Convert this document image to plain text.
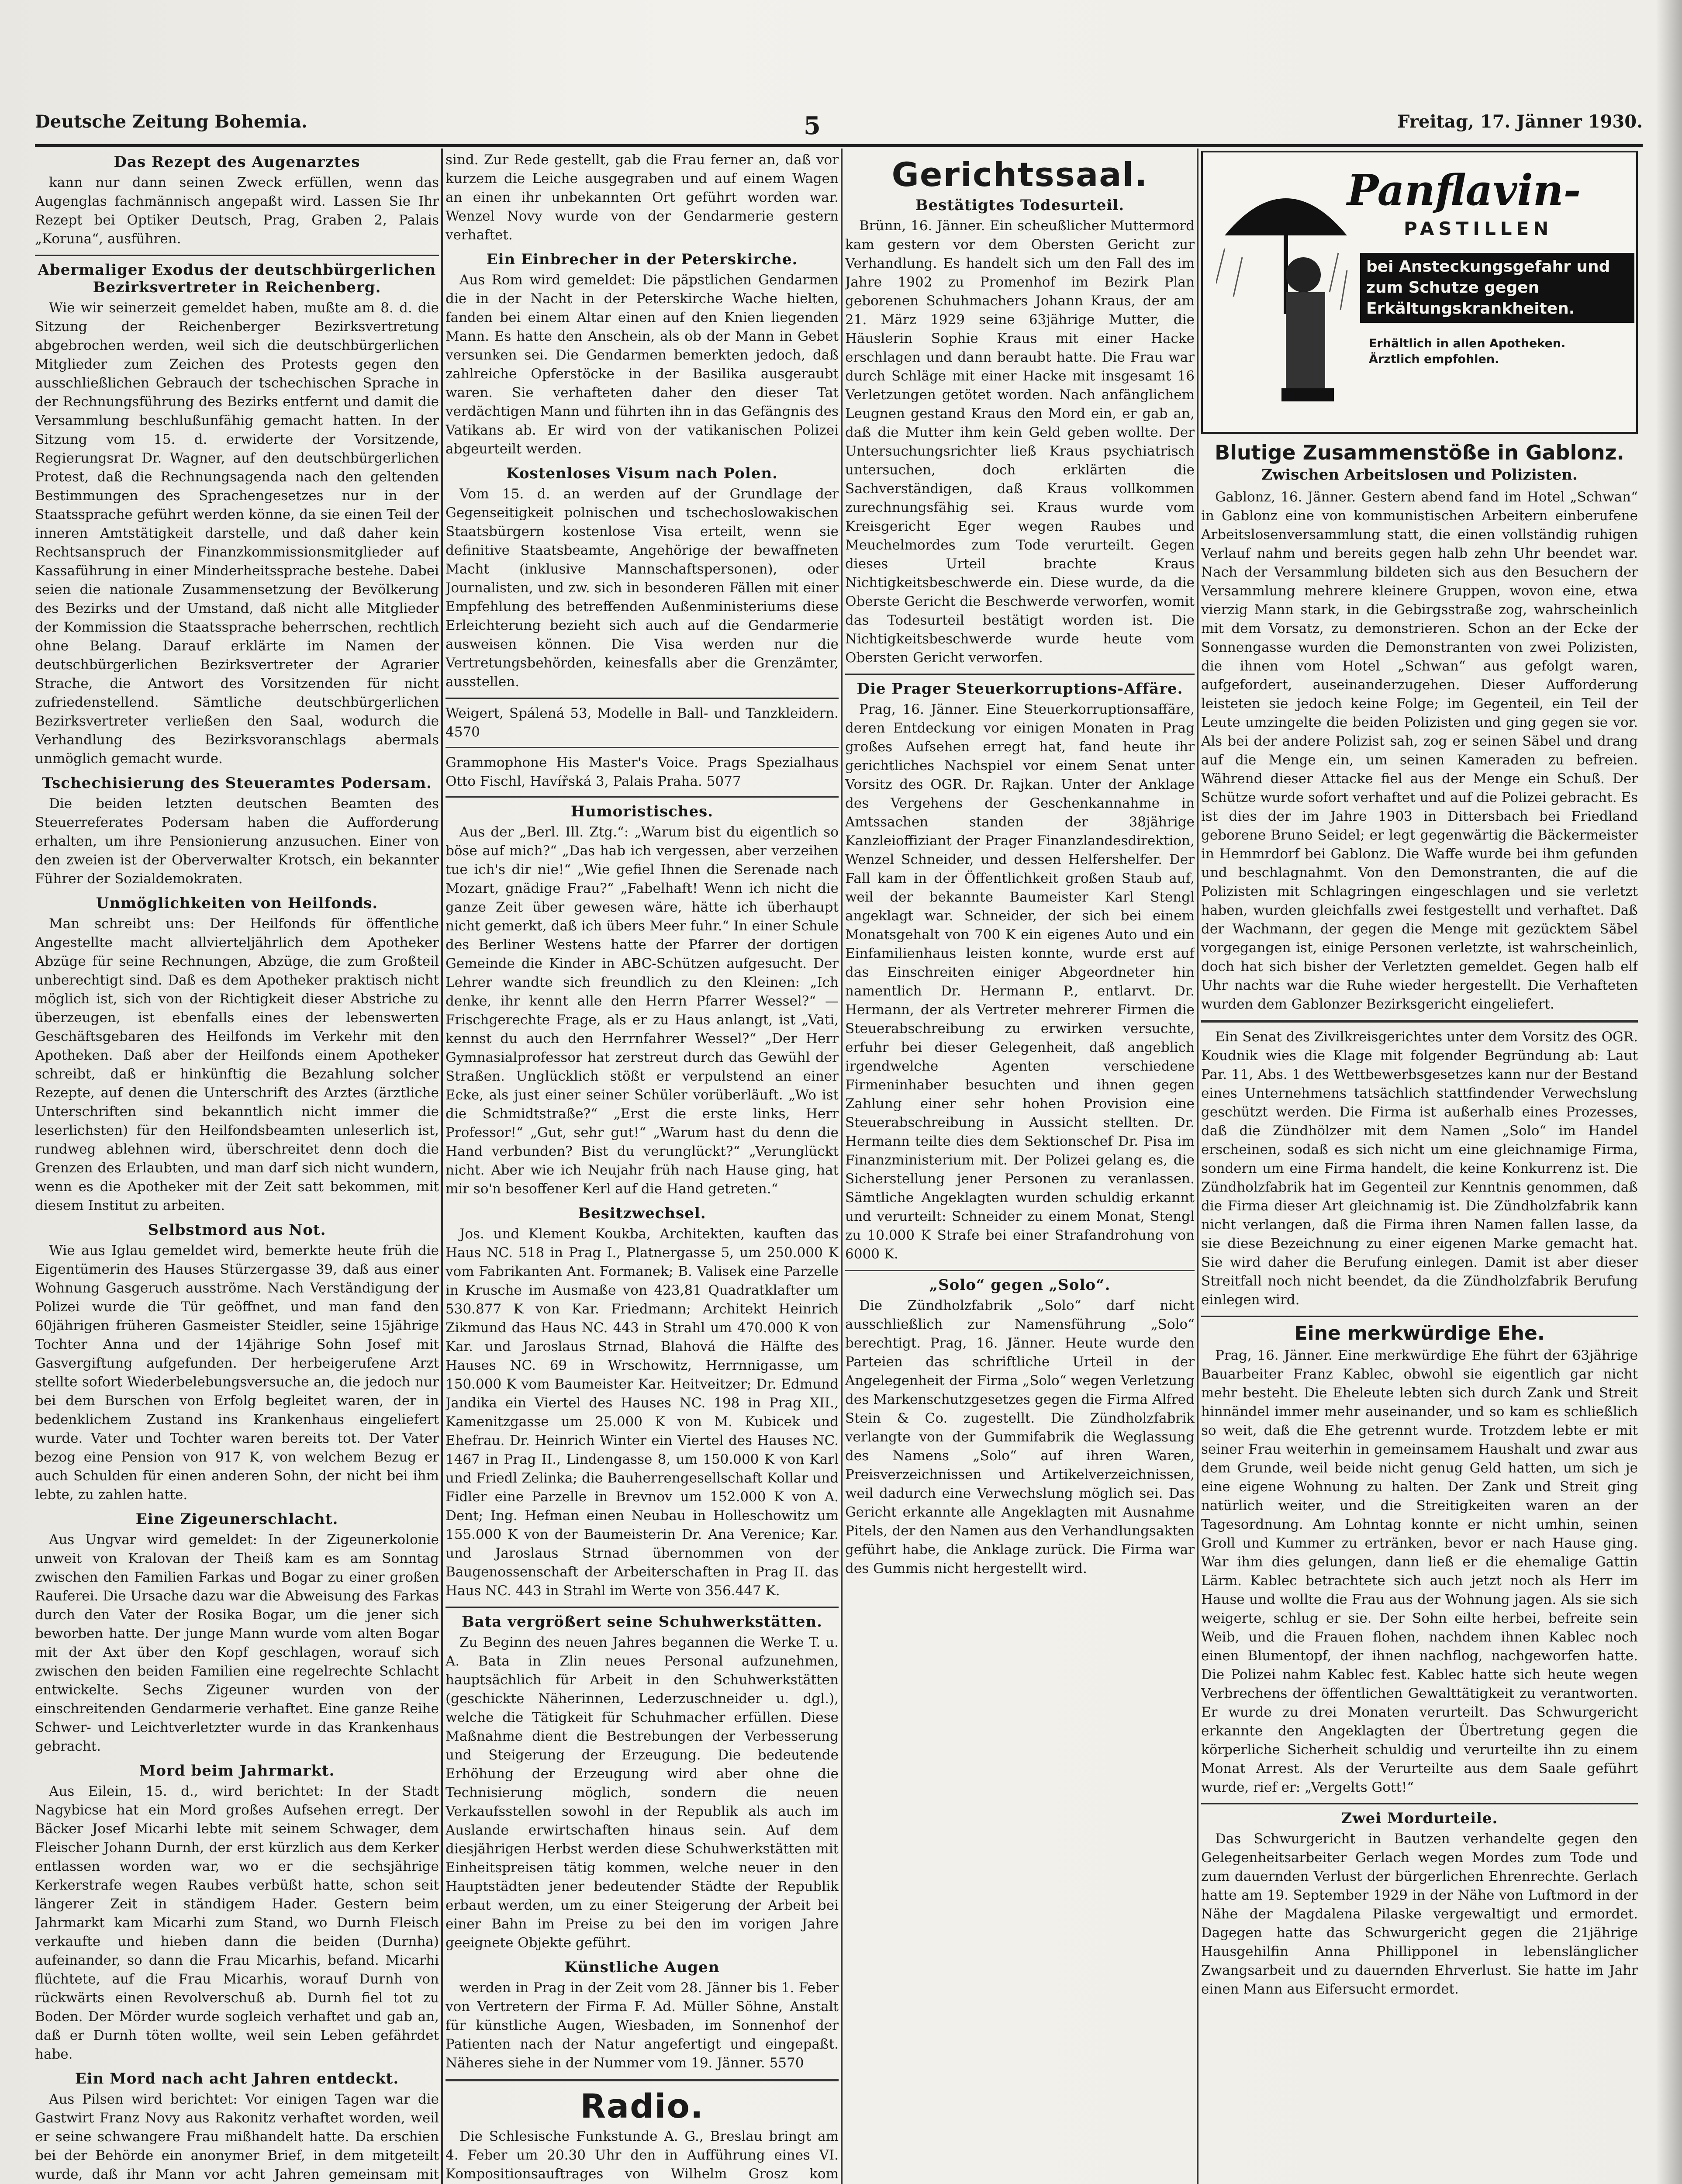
Deutsche Zeitung Bohemia.	5	Freitag, 17. Jänner 1930.
Das Rezept des Augenarztes

kann nur dann seinen Zweck erfüllen, wenn das Augenglas fachmännisch angepaßt wird. Lassen Sie Ihr Rezept bei Optiker Deutsch, Prag, Graben 2, Palais „Koruna“, ausführen.

Abermaliger Exodus der deutschbürgerlichen Bezirksvertreter in Reichenberg.

Wie wir seinerzeit gemeldet haben, mußte am 8. d. die Sitzung der Reichenberger Bezirksvertretung abgebrochen werden, weil sich die deutschbürgerlichen Mitglieder zum Zeichen des Protests gegen den ausschließlichen Gebrauch der tschechischen Sprache in der Rechnungsführung des Bezirks entfernt und damit die Versammlung beschlußunfähig gemacht hatten. In der Sitzung vom 15. d. erwiderte der Vorsitzende, Regierungsrat Dr. Wagner, auf den deutschbürgerlichen Protest, daß die Rechnungsagenda nach den geltenden Bestimmungen des Sprachengesetzes nur in der Staatssprache geführt werden könne, da sie einen Teil der inneren Amtstätigkeit darstelle, und daß daher kein Rechtsanspruch der Finanzkommissionsmitglieder auf Kassaführung in einer Minderheitssprache bestehe. Dabei seien die nationale Zusammensetzung der Bevölkerung des Bezirks und der Umstand, daß nicht alle Mitglieder der Kommission die Staatssprache beherrschen, rechtlich ohne Belang. Darauf erklärte im Namen der deutschbürgerlichen Bezirksvertreter der Agrarier Strache, die Antwort des Vorsitzenden für nicht zufriedenstellend. Sämtliche deutschbürgerlichen Bezirksvertreter verließen den Saal, wodurch die Verhandlung des Bezirksvoranschlags abermals unmöglich gemacht wurde.

Tschechisierung des Steueramtes Podersam.

Die beiden letzten deutschen Beamten des Steuerreferates Podersam haben die Aufforderung erhalten, um ihre Pensionierung anzusuchen. Einer von den zweien ist der Oberverwalter Krotsch, ein bekannter Führer der Sozialdemokraten.

Unmöglichkeiten von Heilfonds.

Man schreibt uns: Der Heilfonds für öffentliche Angestellte macht allvierteljährlich dem Apotheker Abzüge für seine Rechnungen, Abzüge, die zum Großteil unberechtigt sind. Daß es dem Apotheker praktisch nicht möglich ist, sich von der Richtigkeit dieser Abstriche zu überzeugen, ist ebenfalls eines der lebenswerten Geschäftsgebaren des Heilfonds im Verkehr mit den Apotheken. Daß aber der Heilfonds einem Apotheker schreibt, daß er hinkünftig die Bezahlung solcher Rezepte, auf denen die Unterschrift des Arztes (ärztliche Unterschriften sind bekanntlich nicht immer die leserlichsten) für den Heilfondsbeamten unleserlich ist, rundweg ablehnen wird, überschreitet denn doch die Grenzen des Erlaubten, und man darf sich nicht wundern, wenn es die Apotheker mit der Zeit satt bekommen, mit diesem Institut zu arbeiten.

Selbstmord aus Not.

Wie aus Iglau gemeldet wird, bemerkte heute früh die Eigentümerin des Hauses Stürzergasse 39, daß aus einer Wohnung Gasgeruch ausströme. Nach Verständigung der Polizei wurde die Tür geöffnet, und man fand den 60jährigen früheren Gasmeister Steidler, seine 15jährige Tochter Anna und der 14jährige Sohn Josef mit Gasvergiftung aufgefunden. Der herbeigerufene Arzt stellte sofort Wiederbelebungsversuche an, die jedoch nur bei dem Burschen von Erfolg begleitet waren, der in bedenklichem Zustand ins Krankenhaus eingeliefert wurde. Vater und Tochter waren bereits tot. Der Vater bezog eine Pension von 917 K, von welchem Bezug er auch Schulden für einen anderen Sohn, der nicht bei ihm lebte, zu zahlen hatte.

Eine Zigeunerschlacht.

Aus Ungvar wird gemeldet: In der Zigeunerkolonie unweit von Kralovan der Theiß kam es am Sonntag zwischen den Familien Farkas und Bogar zu einer großen Rauferei. Die Ursache dazu war die Abweisung des Farkas durch den Vater der Rosika Bogar, um die jener sich beworben hatte. Der junge Mann wurde vom alten Bogar mit der Axt über den Kopf geschlagen, worauf sich zwischen den beiden Familien eine regelrechte Schlacht entwickelte. Sechs Zigeuner wurden von der einschreitenden Gendarmerie verhaftet. Eine ganze Reihe Schwer- und Leichtverletzter wurde in das Krankenhaus gebracht.

Mord beim Jahrmarkt.

Aus Eilein, 15. d., wird berichtet: In der Stadt Nagybicse hat ein Mord großes Aufsehen erregt. Der Bäcker Josef Micarhi lebte mit seinem Schwager, dem Fleischer Johann Durnh, der erst kürzlich aus dem Kerker entlassen worden war, wo er die sechsjährige Kerkerstrafe wegen Raubes verbüßt hatte, schon seit längerer Zeit in ständigem Hader. Gestern beim Jahrmarkt kam Micarhi zum Stand, wo Durnh Fleisch verkaufte und hieben dann die beiden (Durnha) aufeinander, so dann die Frau Micarhis, befand. Micarhi flüchtete, auf die Frau Micarhis, worauf Durnh von rückwärts einen Revolverschuß ab. Durnh fiel tot zu Boden. Der Mörder wurde sogleich verhaftet und gab an, daß er Durnh töten wollte, weil sein Leben gefährdet habe.

Ein Mord nach acht Jahren entdeckt.

Aus Pilsen wird berichtet: Vor einigen Tagen war die Gastwirt Franz Novy aus Rakonitz verhaftet worden, weil er seine schwangere Frau mißhandelt hatte. Da erschien bei der Behörde ein anonymer Brief, in dem mitgeteilt wurde, daß ihr Mann vor acht Jahren gemeinsam mit

sind. Zur Rede gestellt, gab die Frau ferner an, daß vor kurzem die Leiche ausgegraben und auf einem Wagen an einen ihr unbekannten Ort geführt worden war. Wenzel Novy wurde von der Gendarmerie gestern verhaftet.

Ein Einbrecher in der Peterskirche.

Aus Rom wird gemeldet: Die päpstlichen Gendarmen die in der Nacht in der Peterskirche Wache hielten, fanden bei einem Altar einen auf den Knien liegenden Mann. Es hatte den Anschein, als ob der Mann in Gebet versunken sei. Die Gendarmen bemerkten jedoch, daß zahlreiche Opferstöcke in der Basilika ausgeraubt waren. Sie verhafteten daher den dieser Tat verdächtigen Mann und führten ihn in das Gefängnis des Vatikans ab. Er wird von der vatikanischen Polizei abgeurteilt werden.

Kostenloses Visum nach Polen.

Vom 15. d. an werden auf der Grundlage der Gegenseitigkeit polnischen und tschechoslowakischen Staatsbürgern kostenlose Visa erteilt, wenn sie definitive Staatsbeamte, Angehörige der bewaffneten Macht (inklusive Mannschaftspersonen), oder Journalisten, und zw. sich in besonderen Fällen mit einer Empfehlung des betreffenden Außenministeriums diese Erleichterung bezieht sich auch auf die Gendarmerie ausweisen können. Die Visa werden nur die Vertretungsbehörden, keinesfalls aber die Grenzämter, ausstellen.

Weigert, Spálená 53, Modelle in Ball- und Tanzkleidern. 4570

Grammophone His Master's Voice. Prags Spezialhaus Otto Fischl, Havířská 3, Palais Praha. 5077

Humoristisches.

Aus der „Berl. Ill. Ztg.“: „Warum bist du eigentlich so böse auf mich?“ „Das hab ich vergessen, aber verzeihen tue ich's dir nie!“ „Wie gefiel Ihnen die Serenade nach Mozart, gnädige Frau?“ „Fabelhaft! Wenn ich nicht die ganze Zeit über gewesen wäre, hätte ich überhaupt nicht gemerkt, daß ich übers Meer fuhr.“ In einer Schule des Berliner Westens hatte der Pfarrer der dortigen Gemeinde die Kinder in ABC-Schützen aufgesucht. Der Lehrer wandte sich freundlich zu den Kleinen: „Ich denke, ihr kennt alle den Herrn Pfarrer Wessel?“ — Frischgerechte Frage, als er zu Haus anlangt, ist „Vati, kennst du auch den Herrnfahrer Wessel?“ „Der Herr Gymnasialprofessor hat zerstreut durch das Gewühl der Straßen. Unglücklich stößt er verpulstend an einer Ecke, als just einer seiner Schüler vorüberläuft. „Wo ist die Schmidtstraße?“ „Erst die erste links, Herr Professor!“ „Gut, sehr gut!“ „Warum hast du denn die Hand verbunden? Bist du verunglückt?“ „Verunglückt nicht. Aber wie ich Neujahr früh nach Hause ging, hat mir so'n besoffener Kerl auf die Hand getreten.“

Besitzwechsel.

Jos. und Klement Koukba, Architekten, kauften das Haus NC. 518 in Prag I., Platnergasse 5, um 250.000 K vom Fabrikanten Ant. Formanek; B. Valisek eine Parzelle in Krusche im Ausmaße von 423,81 Quadratklafter um 530.877 K von Kar. Friedmann; Architekt Heinrich Zikmund das Haus NC. 443 in Strahl um 470.000 K von Kar. und Jaroslaus Strnad, Blahová die Hälfte des Hauses NC. 69 in Wrschowitz, Herrnnigasse, um 150.000 K vom Baumeister Kar. Heitveitzer; Dr. Edmund Jandika ein Viertel des Hauses NC. 198 in Prag XII., Kamenitzgasse um 25.000 K von M. Kubicek und Ehefrau. Dr. Heinrich Winter ein Viertel des Hauses NC. 1467 in Prag II., Lindengasse 8, um 150.000 K von Karl und Friedl Zelinka; die Bauherrengesellschaft Kollar und Fidler eine Parzelle in Brevnov um 152.000 K von A. Dent; Ing. Hefman einen Neubau in Holleschowitz um 155.000 K von der Baumeisterin Dr. Ana Verenice; Kar. und Jaroslaus Strnad übernommen von der Baugenossenschaft der Arbeiterschaften in Prag II. das Haus NC. 443 in Strahl im Werte von 356.447 K.

Bata vergrößert seine Schuhwerkstätten.

Zu Beginn des neuen Jahres begannen die Werke T. u. A. Bata in Zlin neues Personal aufzunehmen, hauptsächlich für Arbeit in den Schuhwerkstätten (geschickte Näherinnen, Lederzuschneider u. dgl.), welche die Tätigkeit für Schuhmacher erfüllen. Diese Maßnahme dient die Bestrebungen der Verbesserung und Steigerung der Erzeugung. Die bedeutende Erhöhung der Erzeugung wird aber ohne die Technisierung möglich, sondern die neuen Verkaufsstellen sowohl in der Republik als auch im Auslande erwirtschaften hinaus sein. Auf dem diesjährigen Herbst werden diese Schuhwerkstätten mit Einheitspreisen tätig kommen, welche neuer in den Hauptstädten jener bedeutender Städte der Republik erbaut werden, um zu einer Steigerung der Arbeit bei einer Bahn im Preise zu bei den im vorigen Jahre geeignete Objekte geführt.

Künstliche Augen

werden in Prag in der Zeit vom 28. Jänner bis 1. Feber von Vertretern der Firma F. Ad. Müller Söhne, Anstalt für künstliche Augen, Wiesbaden, im Sonnenhof der Patienten nach der Natur angefertigt und eingepaßt. Näheres siehe in der Nummer vom 19. Jänner. 5570

Radio.

Die Schlesische Funkstunde A. G., Breslau bringt am 4. Feber um 20.30 Uhr den in Aufführung eines VI. Kompositionsauftrages von Wilhelm Grosz kom

Gerichtssaal.
Bestätigtes Todesurteil.

Brünn, 16. Jänner. Ein scheußlicher Muttermord kam gestern vor dem Obersten Gericht zur Verhandlung. Es handelt sich um den Fall des im Jahre 1902 zu Promenhof im Bezirk Plan geborenen Schuhmachers Johann Kraus, der am 21. März 1929 seine 63jährige Mutter, die Häuslerin Sophie Kraus mit einer Hacke erschlagen und dann beraubt hatte. Die Frau war durch Schläge mit einer Hacke mit insgesamt 16 Verletzungen getötet worden. Nach anfänglichem Leugnen gestand Kraus den Mord ein, er gab an, daß die Mutter ihm kein Geld geben wollte. Der Untersuchungsrichter ließ Kraus psychiatrisch untersuchen, doch erklärten die Sachverständigen, daß Kraus vollkommen zurechnungsfähig sei. Kraus wurde vom Kreisgericht Eger wegen Raubes und Meuchelmordes zum Tode verurteilt. Gegen dieses Urteil brachte Kraus Nichtigkeitsbeschwerde ein. Diese wurde, da die Oberste Gericht die Beschwerde verworfen, womit das Todesurteil bestätigt worden ist. Die Nichtigkeitsbeschwerde wurde heute vom Obersten Gericht verworfen.

Die Prager Steuerkorruptions-Affäre.

Prag, 16. Jänner. Eine Steuerkorruptionsaffäre, deren Entdeckung vor einigen Monaten in Prag großes Aufsehen erregt hat, fand heute ihr gerichtliches Nachspiel vor einem Senat unter Vorsitz des OGR. Dr. Rajkan. Unter der Anklage des Vergehens der Geschenkannahme in Amtssachen standen der 38jährige Kanzleioffiziant der Prager Finanzlandesdirektion, Wenzel Schneider, und dessen Helfershelfer. Der Fall kam in der Öffentlichkeit großen Staub auf, weil der bekannte Baumeister Karl Stengl angeklagt war. Schneider, der sich bei einem Monatsgehalt von 700 K ein eigenes Auto und ein Einfamilienhaus leisten konnte, wurde erst auf das Einschreiten einiger Abgeordneter hin namentlich Dr. Hermann P., entlarvt. Dr. Hermann, der als Vertreter mehrerer Firmen die Steuerabschreibung zu erwirken versuchte, erfuhr bei dieser Gelegenheit, daß angeblich irgendwelche Agenten verschiedene Firmeninhaber besuchten und ihnen gegen Zahlung einer sehr hohen Provision eine Steuerabschreibung in Aussicht stellten. Dr. Hermann teilte dies dem Sektionschef Dr. Pisa im Finanzministerium mit. Der Polizei gelang es, die Sicherstellung jener Personen zu veranlassen. Sämtliche Angeklagten wurden schuldig erkannt und verurteilt: Schneider zu einem Monat, Stengl zu 10.000 K Strafe bei einer Strafandrohung von 6000 K.

„Solo“ gegen „Solo“.

Die Zündholzfabrik „Solo“ darf nicht ausschließlich zur Namensführung „Solo“ berechtigt. Prag, 16. Jänner. Heute wurde den Parteien das schriftliche Urteil in der Angelegenheit der Firma „Solo“ wegen Verletzung des Markenschutzgesetzes gegen die Firma Alfred Stein & Co. zugestellt. Die Zündholzfabrik verlangte von der Gummifabrik die Weglassung des Namens „Solo“ auf ihren Waren, Preisverzeichnissen und Artikelverzeichnissen, weil dadurch eine Verwechslung möglich sei. Das Gericht erkannte alle Angeklagten mit Ausnahme Pitels, der den Namen aus den Verhandlungsakten geführt habe, die Anklage zurück. Die Firma war des Gummis nicht hergestellt wird.

Panflavin-
PASTILLEN
bei Ansteckungsgefahr und zum Schutze gegen Erkältungskrankheiten.
Erhältlich in allen Apotheken. Ärztlich empfohlen.
Blutige Zusammenstöße in Gablonz.
Zwischen Arbeitslosen und Polizisten.

Gablonz, 16. Jänner. Gestern abend fand im Hotel „Schwan“ in Gablonz eine von kommunistischen Arbeitern einberufene Arbeitslosenversammlung statt, die einen vollständig ruhigen Verlauf nahm und bereits gegen halb zehn Uhr beendet war. Nach der Versammlung bildeten sich aus den Besuchern der Versammlung mehrere kleinere Gruppen, wovon eine, etwa vierzig Mann stark, in die Gebirgsstraße zog, wahrscheinlich mit dem Vorsatz, zu demonstrieren. Schon an der Ecke der Sonnengasse wurden die Demonstranten von zwei Polizisten, die ihnen vom Hotel „Schwan“ aus gefolgt waren, aufgefordert, auseinanderzugehen. Dieser Aufforderung leisteten sie jedoch keine Folge; im Gegenteil, ein Teil der Leute umzingelte die beiden Polizisten und ging gegen sie vor. Als bei der andere Polizist sah, zog er seinen Säbel und drang auf die Menge ein, um seinen Kameraden zu befreien. Während dieser Attacke fiel aus der Menge ein Schuß. Der Schütze wurde sofort verhaftet und auf die Polizei gebracht. Es ist dies der im Jahre 1903 in Dittersbach bei Friedland geborene Bruno Seidel; er legt gegenwärtig die Bäckermeister in Hemmrdorf bei Gablonz. Die Waffe wurde bei ihm gefunden und beschlagnahmt. Von den Demonstranten, die auf die Polizisten mit Schlagringen eingeschlagen und sie verletzt haben, wurden gleichfalls zwei festgestellt und verhaftet. Daß der Wachmann, der gegen die Menge mit gezücktem Säbel vorgegangen ist, einige Personen verletzte, ist wahrscheinlich, doch hat sich bisher der Verletzten gemeldet. Gegen halb elf Uhr nachts war die Ruhe wieder hergestellt. Die Verhafteten wurden dem Gablonzer Bezirksgericht eingeliefert.

Ein Senat des Zivilkreisgerichtes unter dem Vorsitz des OGR. Koudnik wies die Klage mit folgender Begründung ab: Laut Par. 11, Abs. 1 des Wettbewerbsgesetzes kann nur der Bestand eines Unternehmens tatsächlich stattfindender Verwechslung geschützt werden. Die Firma ist außerhalb eines Prozesses, daß die Zündhölzer mit dem Namen „Solo“ im Handel erscheinen, sodaß es sich nicht um eine gleichnamige Firma, sondern um eine Firma handelt, die keine Konkurrenz ist. Die Zündholzfabrik hat im Gegenteil zur Kenntnis genommen, daß die Firma dieser Art gleichnamig ist. Die Zündholzfabrik kann nicht verlangen, daß die Firma ihren Namen fallen lasse, da sie diese Bezeichnung zu einer eigenen Marke gemacht hat. Sie wird daher die Berufung einlegen. Damit ist aber dieser Streitfall noch nicht beendet, da die Zündholzfabrik Berufung einlegen wird.

Eine merkwürdige Ehe.

Prag, 16. Jänner. Eine merkwürdige Ehe führt der 63jährige Bauarbeiter Franz Kablec, obwohl sie eigentlich gar nicht mehr besteht. Die Eheleute lebten sich durch Zank und Streit hinnändel immer mehr auseinander, und so kam es schließlich so weit, daß die Ehe getrennt wurde. Trotzdem lebte er mit seiner Frau weiterhin in gemeinsamem Haushalt und zwar aus dem Grunde, weil beide nicht genug Geld hatten, um sich je eine eigene Wohnung zu halten. Der Zank und Streit ging natürlich weiter, und die Streitigkeiten waren an der Tagesordnung. Am Lohntag konnte er nicht umhin, seinen Groll und Kummer zu ertränken, bevor er nach Hause ging. War ihm dies gelungen, dann ließ er die ehemalige Gattin Lärm. Kablec betrachtete sich auch jetzt noch als Herr im Hause und wollte die Frau aus der Wohnung jagen. Als sie sich weigerte, schlug er sie. Der Sohn eilte herbei, befreite sein Weib, und die Frauen flohen, nachdem ihnen Kablec noch einen Blumentopf, der ihnen nachflog, nachgeworfen hatte. Die Polizei nahm Kablec fest. Kablec hatte sich heute wegen Verbrechens der öffentlichen Gewalttätigkeit zu verantworten. Er wurde zu drei Monaten verurteilt. Das Schwurgericht erkannte den Angeklagten der Übertretung gegen die körperliche Sicherheit schuldig und verurteilte ihn zu einem Monat Arrest. Als der Verurteilte aus dem Saale geführt wurde, rief er: „Vergelts Gott!“

Zwei Mordurteile.

Das Schwurgericht in Bautzen verhandelte gegen den Gelegenheitsarbeiter Gerlach wegen Mordes zum Tode und zum dauernden Verlust der bürgerlichen Ehrenrechte. Gerlach hatte am 19. September 1929 in der Nähe von Luftmord in der Nähe der Magdalena Pilaske vergewaltigt und ermordet. Dagegen hatte das Schwurgericht gegen die 21jährige Hausgehilfin Anna Phillipponel in lebenslänglicher Zwangsarbeit und zu dauernden Ehrverlust. Sie hatte im Jahr einen Mann aus Eifersucht ermordet.
